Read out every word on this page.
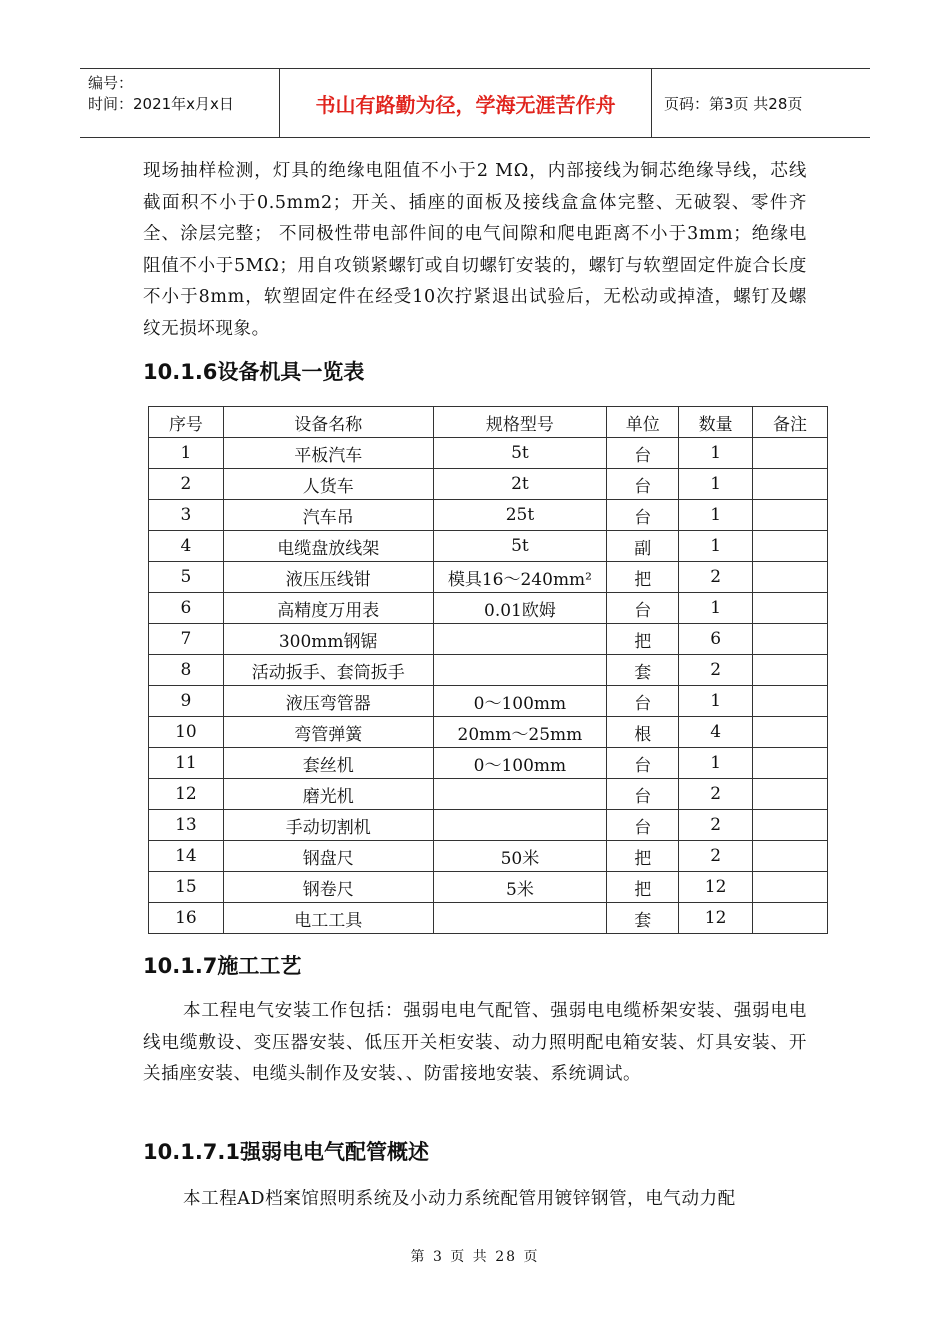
编号：
时间：2021年x月x日	书山有路勤为径，学海无涯苦作舟	页码：第3页 共28页

现场抽样检测，灯具的绝缘电阻值不小于2 MΩ，内部接线为铜芯绝缘导线，芯线截面积不小于0.5mm2；开关、插座的面板及接线盒盒体完整、无破裂、零件齐全、涂层完整； 不同极性带电部件间的电气间隙和爬电距离不小于3mm；绝缘电阻值不小于5MΩ；用自攻锁紧螺钉或自切螺钉安装的，螺钉与软塑固定件旋合长度不小于8mm，软塑固定件在经受10次拧紧退出试验后，无松动或掉渣，螺钉及螺纹无损坏现象。

10.1.6设备机具一览表
序号	设备名称	规格型号	单位	数量	备注
1	平板汽车	5t	台	1	
2	人货车	2t	台	1	
3	汽车吊	25t	台	1	
4	电缆盘放线架	5t	副	1	
5	液压压线钳	模具16～240mm²	把	2	
6	高精度万用表	0.01欧姆	台	1	
7	300mm钢锯		把	6	
8	活动扳手、套筒扳手		套	2	
9	液压弯管器	0～100mm	台	1	
10	弯管弹簧	20mm～25mm	根	4	
11	套丝机	0～100mm	台	1	
12	磨光机		台	2	
13	手动切割机		台	2	
14	钢盘尺	50米	把	2	
15	钢卷尺	5米	把	12	
16	电工工具		套	12	
10.1.7施工工艺

本工程电气安装工作包括：强弱电电气配管、强弱电电缆桥架安装、强弱电电线电缆敷设、变压器安装、低压开关柜安装、动力照明配电箱安装、灯具安装、开关插座安装、电缆头制作及安装、、防雷接地安装、系统调试。

10.1.7.1强弱电电气配管概述

本工程AD档案馆照明系统及小动力系统配管用镀锌钢管，电气动力配

第 3 页 共 28 页
